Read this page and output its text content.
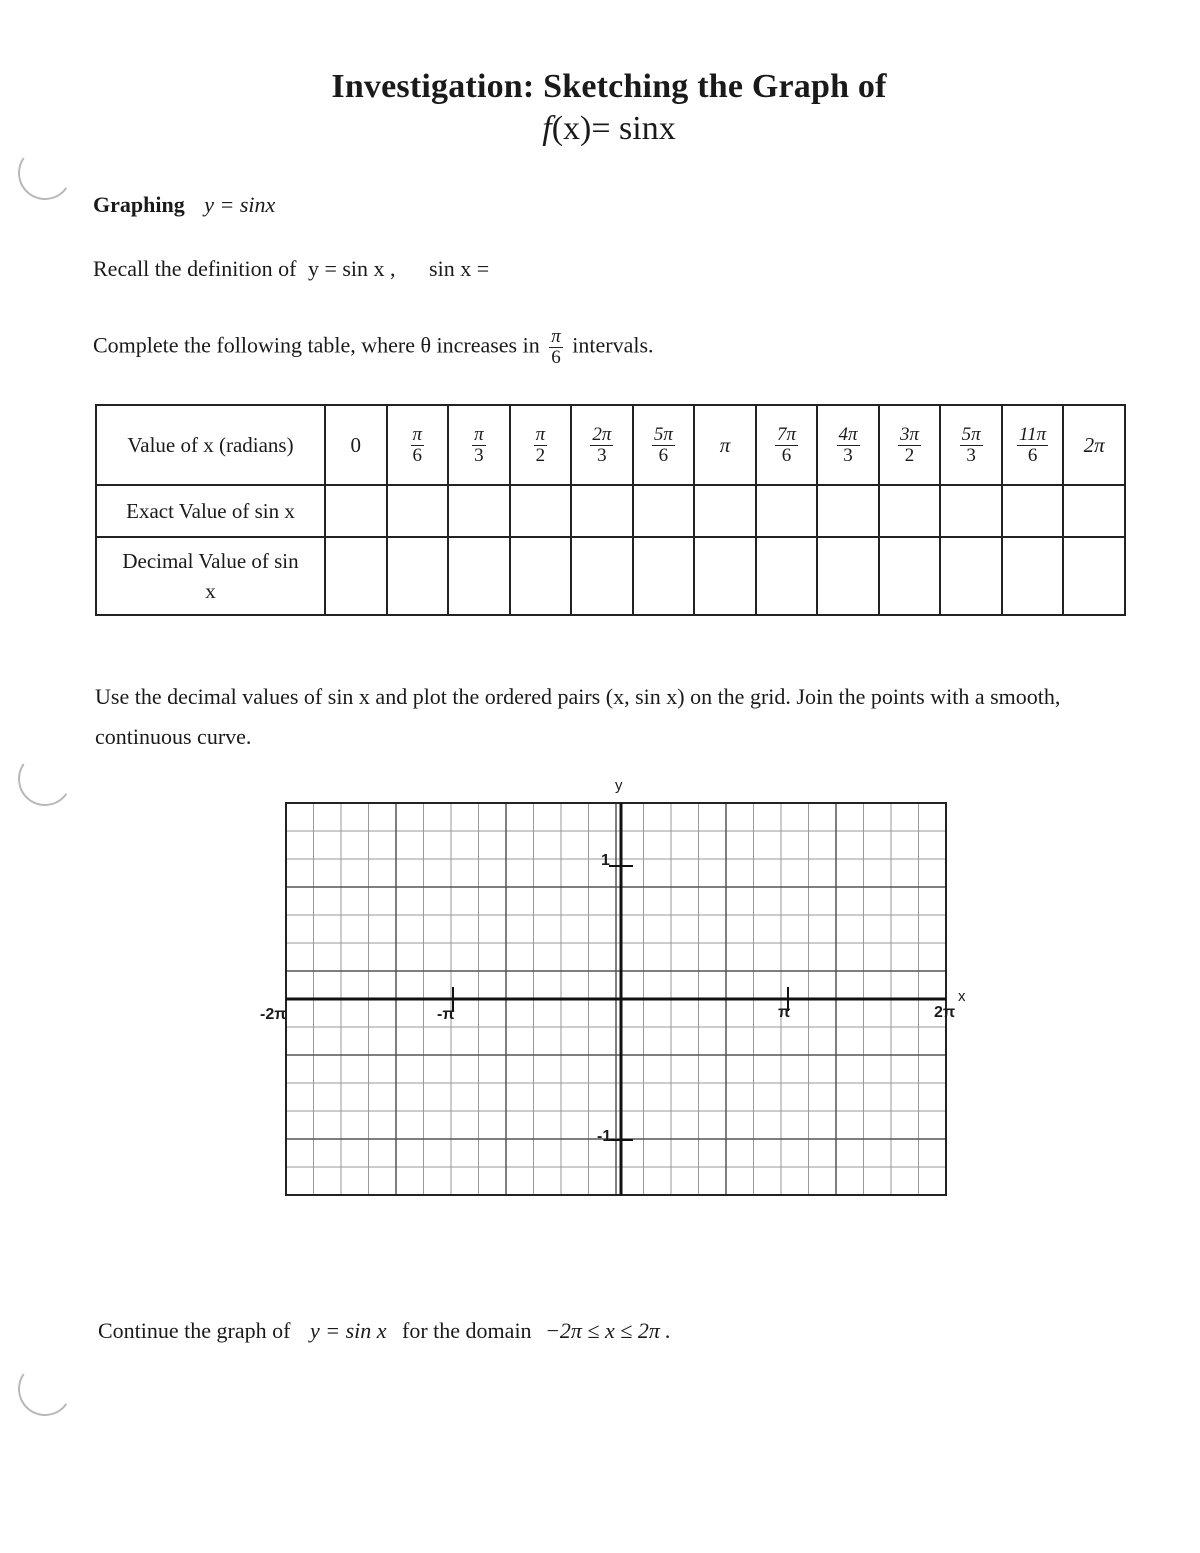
Investigation: Sketching the Graph of
f(x)= sinx
Graphing y = sinx
Recall the definition of y = sin x , sin x =
Complete the following table, where θ increases in $\frac{\pi}{6}$ intervals.
Value of x (radians)	0	$\frac{\pi}{6}$	$\frac{\pi}{3}$	$\frac{\pi}{2}$	$\frac{2\pi}{3}$	$\frac{5\pi}{6}$	π	$\frac{7\pi}{6}$	$\frac{4\pi}{3}$	$\frac{3\pi}{2}$	$\frac{5\pi}{3}$	$\frac{11\pi}{6}$	2π
Exact Value of sin x													
Decimal Value of sin x													
Use the decimal values of sin x and plot the ordered pairs (x, sin x) on the grid. Join the points with a smooth,
continuous curve.
y
x
-2π	-π	π	2π
1
-1
Continue the graph of y = sin x for the domain −2π ≤ x ≤ 2π .
